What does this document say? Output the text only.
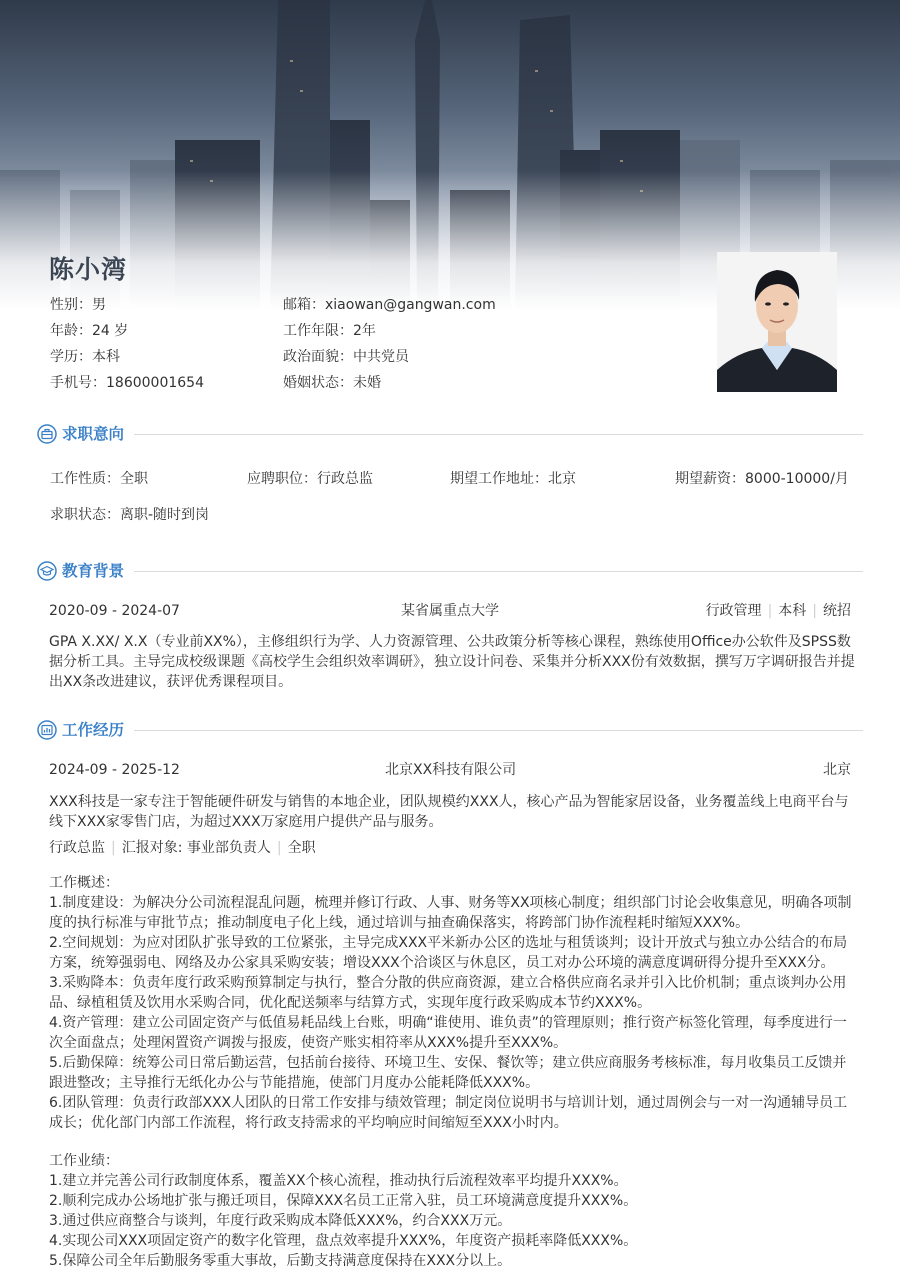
陈小湾
性别：男
年龄：24 岁
学历：本科
手机号：18600001654
邮箱：xiaowan@gangwan.com
工作年限：2年
政治面貌：中共党员
婚姻状态：未婚
求职意向
工作性质：全职	应聘职位：行政总监	期望工作地址：北京	期望薪资：8000-10000/月
求职状态：离职-随时到岗
教育背景
2020-09 - 2024-07	某省属重点大学	行政管理 | 本科 | 统招
GPA X.XX/ X.X（专业前XX%），主修组织行为学、人力资源管理、公共政策分析等核心课程，熟练使用Office办公软件及SPSS数据分析工具。主导完成校级课题《高校学生会组织效率调研》，独立设计问卷、采集并分析XXX份有效数据，撰写万字调研报告并提出XX条改进建议，获评优秀课程项目。
工作经历
2024-09 - 2025-12	北京XX科技有限公司	北京
XXX科技是一家专注于智能硬件研发与销售的本地企业，团队规模约XXX人，核心产品为智能家居设备，业务覆盖线上电商平台与线下XXX家零售门店，为超过XXX万家庭用户提供产品与服务。
行政总监 | 汇报对象: 事业部负责人 | 全职
工作概述：
1.制度建设：为解决分公司流程混乱问题，梳理并修订行政、人事、财务等XX项核心制度；组织部门讨论会收集意见，明确各项制度的执行标准与审批节点；推动制度电子化上线，通过培训与抽查确保落实，将跨部门协作流程耗时缩短XXX%。
2.空间规划：为应对团队扩张导致的工位紧张，主导完成XXX平米新办公区的选址与租赁谈判；设计开放式与独立办公结合的布局方案，统筹强弱电、网络及办公家具采购安装；增设XXX个洽谈区与休息区，员工对办公环境的满意度调研得分提升至XXX分。
3.采购降本：负责年度行政采购预算制定与执行，整合分散的供应商资源，建立合格供应商名录并引入比价机制；重点谈判办公用品、绿植租赁及饮用水采购合同，优化配送频率与结算方式，实现年度行政采购成本节约XXX%。
4.资产管理：建立公司固定资产与低值易耗品线上台账，明确“谁使用、谁负责”的管理原则；推行资产标签化管理，每季度进行一次全面盘点；处理闲置资产调拨与报废，使资产账实相符率从XXX%提升至XXX%。
5.后勤保障：统筹公司日常后勤运营，包括前台接待、环境卫生、安保、餐饮等；建立供应商服务考核标准，每月收集员工反馈并跟进整改；主导推行无纸化办公与节能措施，使部门月度办公能耗降低XXX%。
6.团队管理：负责行政部XXX人团队的日常工作安排与绩效管理；制定岗位说明书与培训计划，通过周例会与一对一沟通辅导员工成长；优化部门内部工作流程，将行政支持需求的平均响应时间缩短至XXX小时内。
工作业绩：
1.建立并完善公司行政制度体系，覆盖XX个核心流程，推动执行后流程效率平均提升XXX%。
2.顺利完成办公场地扩张与搬迁项目，保障XXX名员工正常入驻，员工环境满意度提升XXX%。
3.通过供应商整合与谈判，年度行政采购成本降低XXX%，约合XXX万元。
4.实现公司XXX项固定资产的数字化管理，盘点效率提升XXX%，年度资产损耗率降低XXX%。
5.保障公司全年后勤服务零重大事故，后勤支持满意度保持在XXX分以上。
